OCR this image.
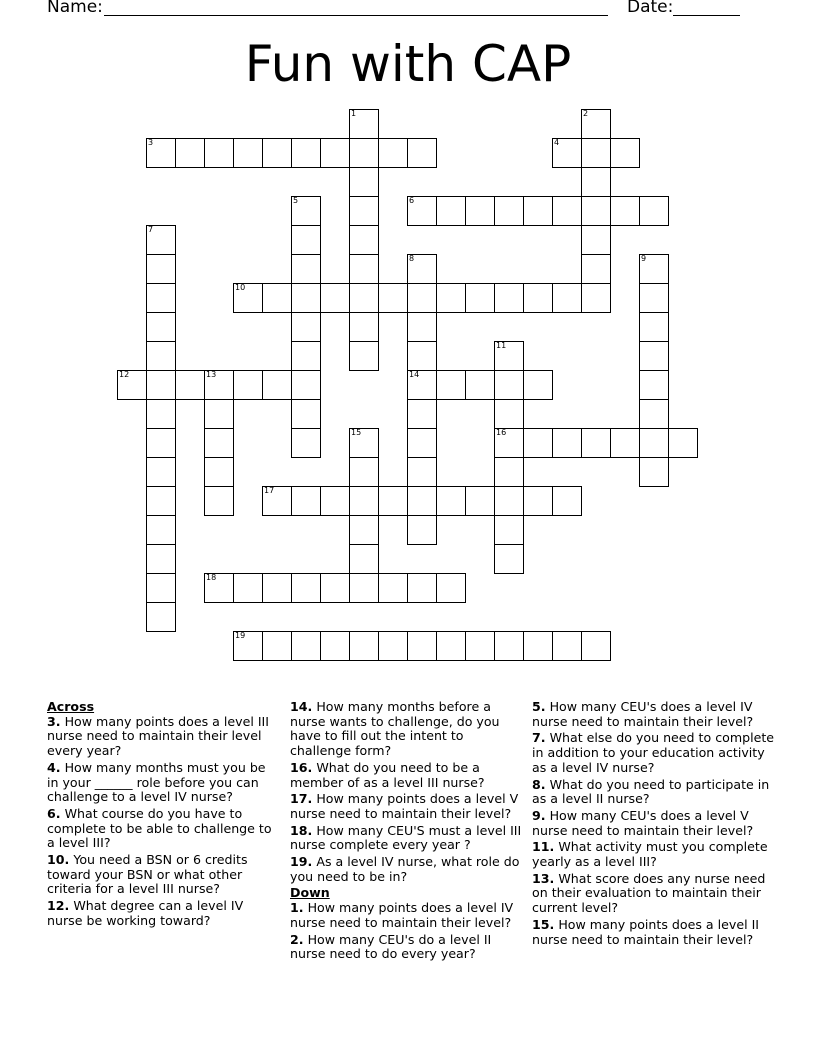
Name:	Date:
Fun with CAP
1	2
3	4
5	6
7
8
14
9
10
11
16
12	13
15
17
18
19
Across
3. How many points does a level III nurse need to maintain their level every year?
4. How many months must you be in your ______ role before you can challenge to a level IV nurse?
6. What course do you have to complete to be able to challenge to a level III?
10. You need a BSN or 6 credits toward your BSN or what other criteria for a level III nurse?
12. What degree can a level IV nurse be working toward?
14. How many months before a nurse wants to challenge, do you have to fill out the intent to challenge form?
16. What do you need to be a member of as a level III nurse?
17. How many points does a level V nurse need to maintain their level?
18. How many CEU'S must a level III nurse complete every year ?
19. As a level IV nurse, what role do you need to be in?
Down
1. How many points does a level IV nurse need to maintain their level?
2. How many CEU's do a level II nurse need to do every year?
5. How many CEU's does a level IV nurse need to maintain their level?
7. What else do you need to complete in addition to your education activity as a level IV nurse?
8. What do you need to participate in as a level II nurse?
9. How many CEU's does a level V nurse need to maintain their level?
11. What activity must you complete yearly as a level III?
13. What score does any nurse need on their evaluation to maintain their current level?
15. How many points does a level II nurse need to maintain their level?
